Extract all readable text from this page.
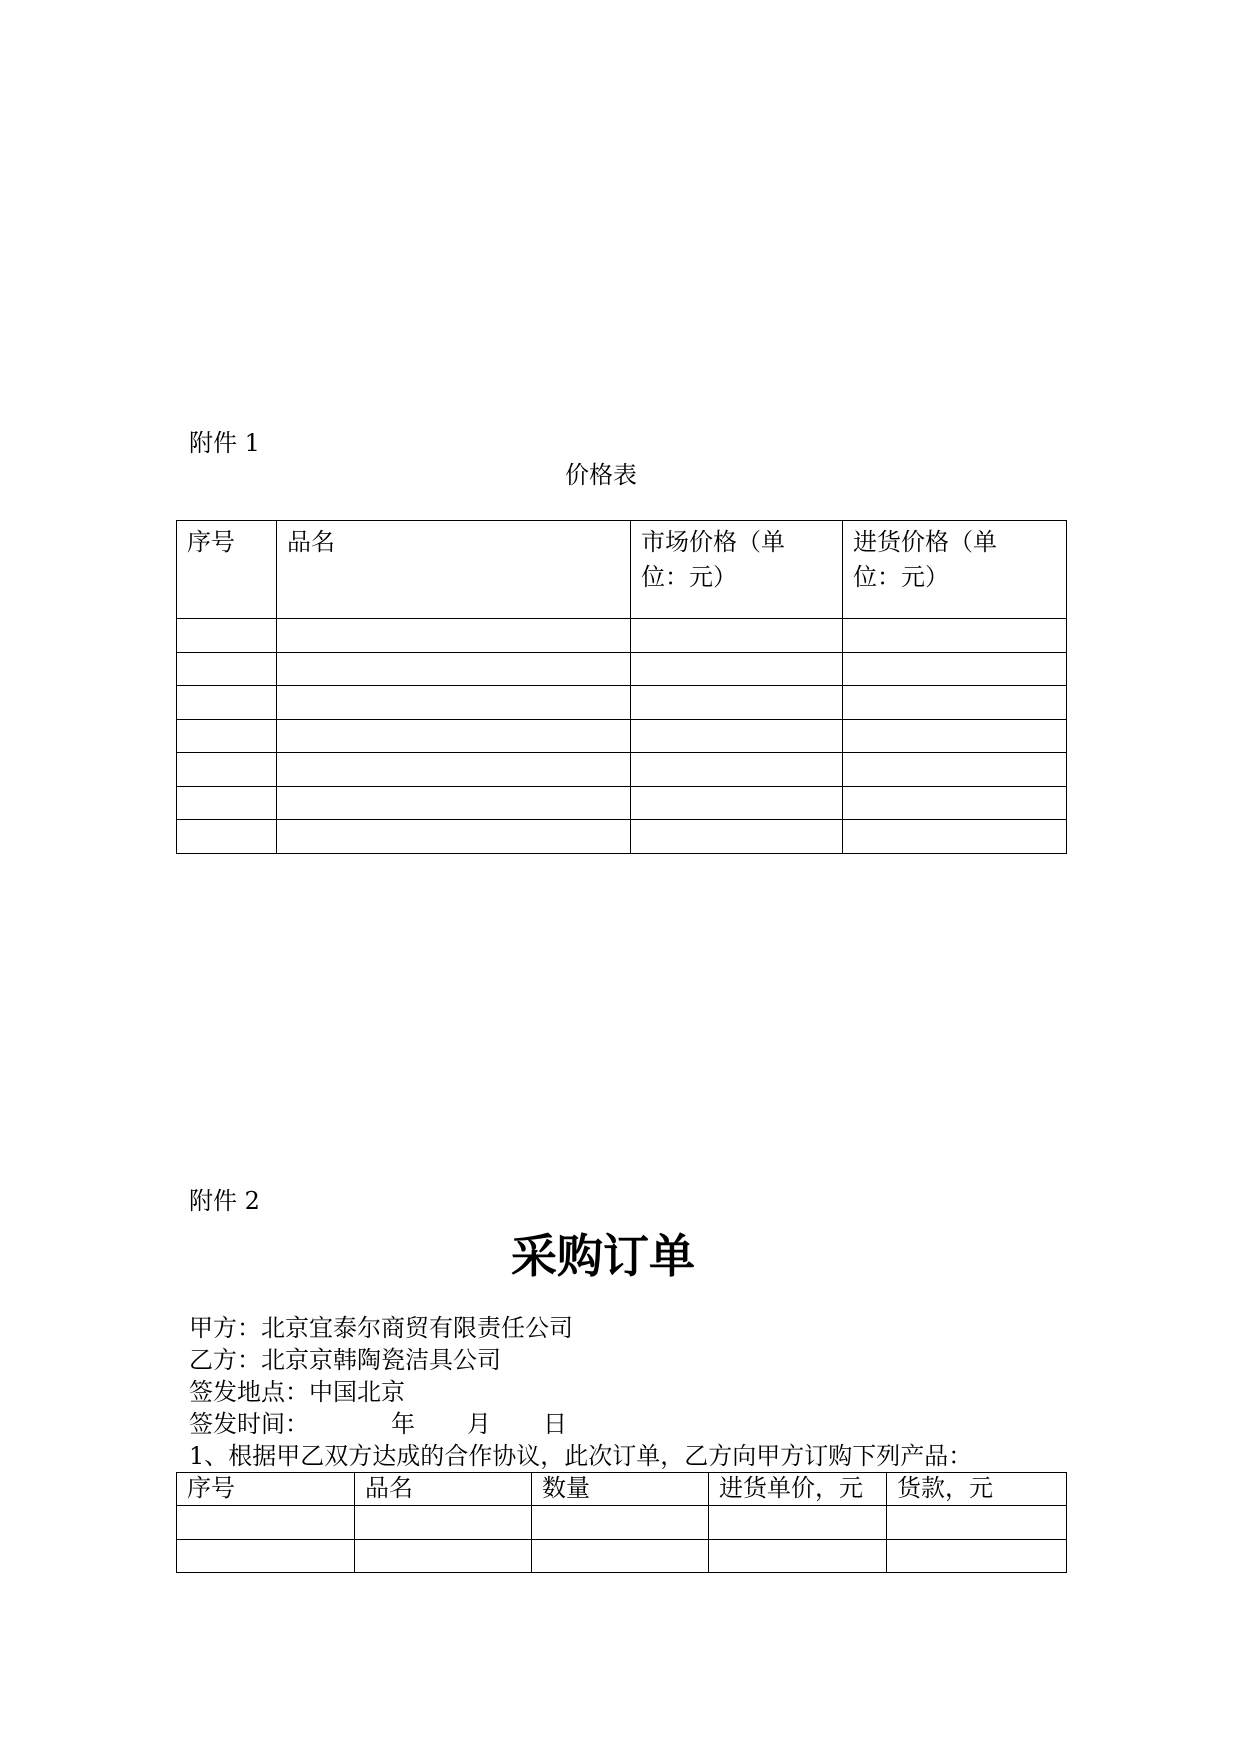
附件 1
价格表
序号	品名	市场价格（单位：元）	进货价格（单位：元）

附件 2
采购订单
甲方：北京宜泰尔商贸有限责任公司
乙方：北京京韩陶瓷洁具公司
签发地点：中国北京
签发时间：	年 月 日
1、根据甲乙双方达成的合作协议，此次订单，乙方向甲方订购下列产品：
序号	品名	数量	进货单价，元	货款，元
